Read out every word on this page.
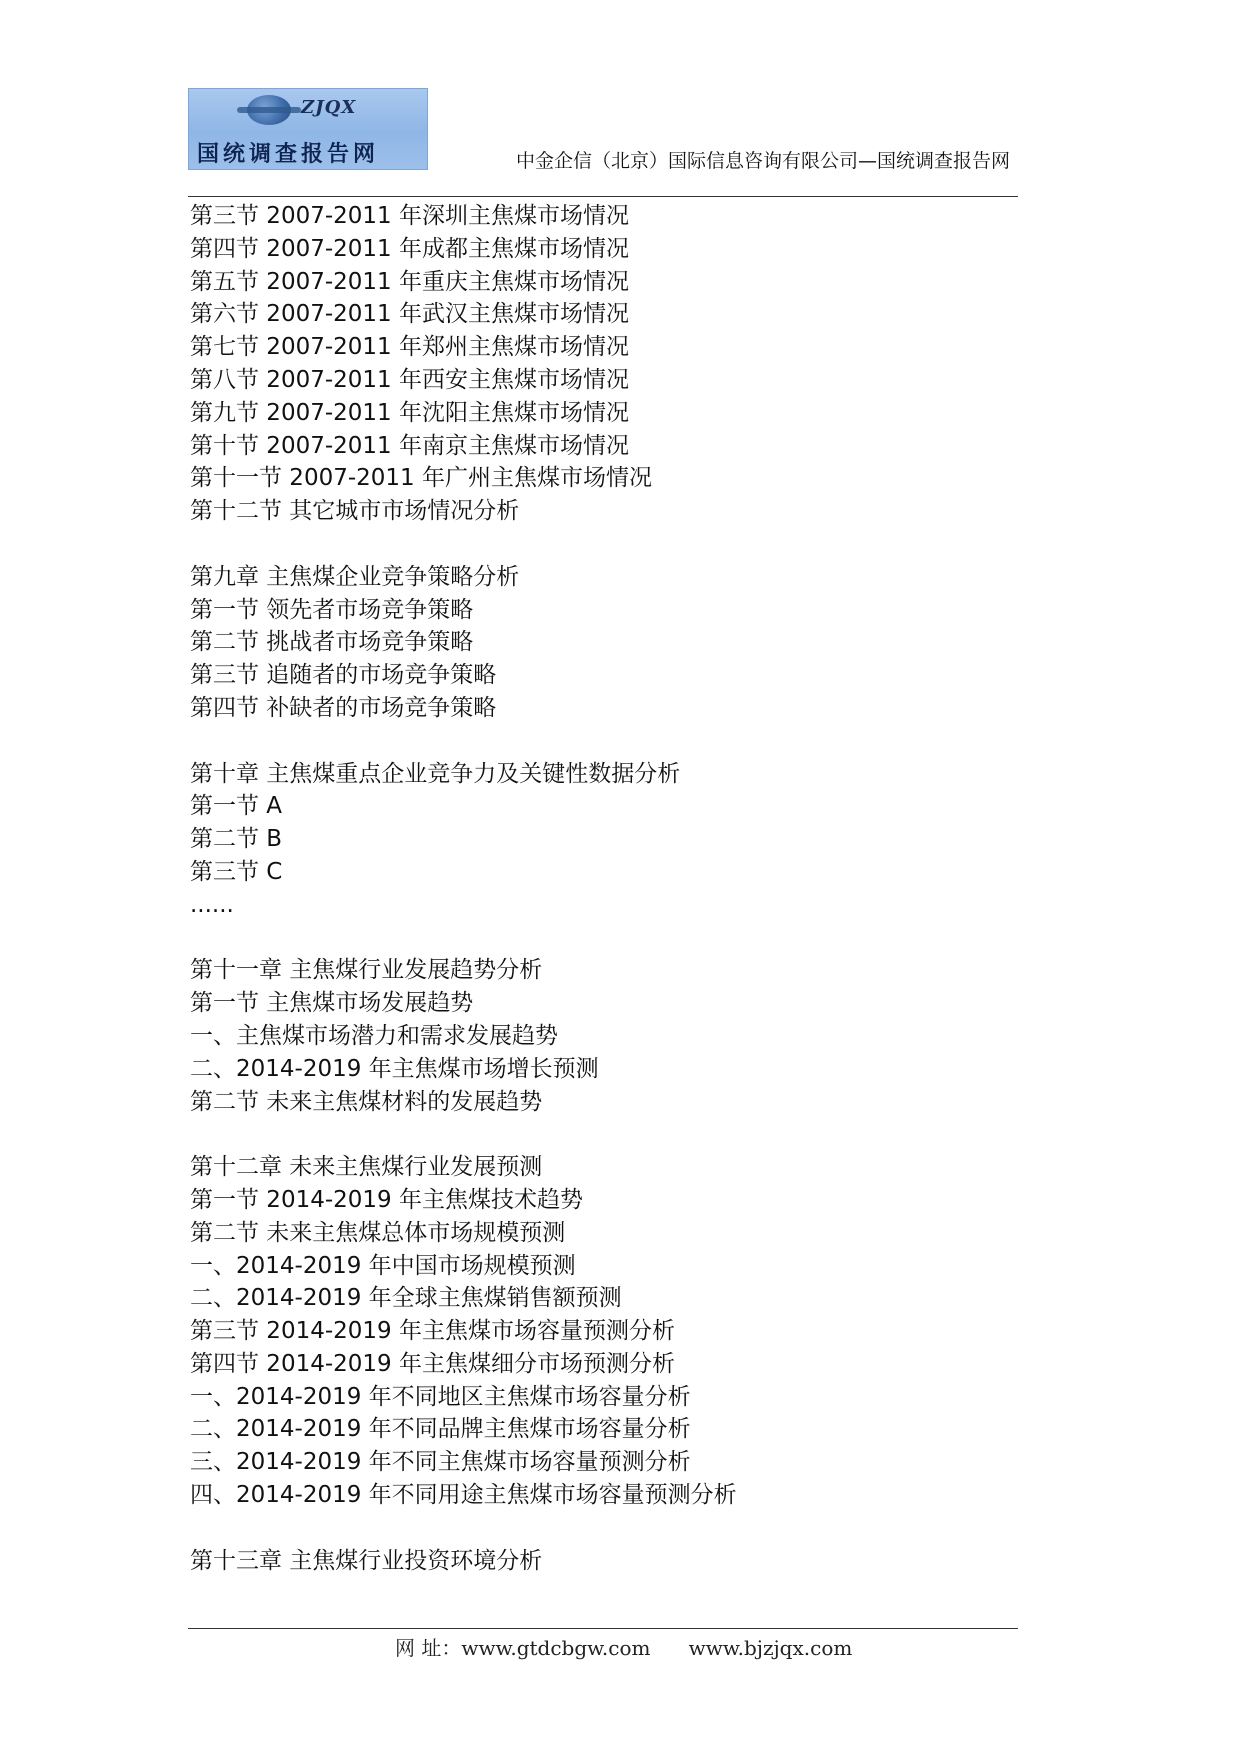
ZJQX
国统调查报告网	中金企信（北京）国际信息咨询有限公司—国统调查报告网
第三节 2007-2011 年深圳主焦煤市场情况
第四节 2007-2011 年成都主焦煤市场情况
第五节 2007-2011 年重庆主焦煤市场情况
第六节 2007-2011 年武汉主焦煤市场情况
第七节 2007-2011 年郑州主焦煤市场情况
第八节 2007-2011 年西安主焦煤市场情况
第九节 2007-2011 年沈阳主焦煤市场情况
第十节 2007-2011 年南京主焦煤市场情况
第十一节 2007-2011 年广州主焦煤市场情况
第十二节 其它城市市场情况分析
第九章 主焦煤企业竞争策略分析
第一节 领先者市场竞争策略
第二节 挑战者市场竞争策略
第三节 追随者的市场竞争策略
第四节 补缺者的市场竞争策略
第十章 主焦煤重点企业竞争力及关键性数据分析
第一节 A
第二节 B
第三节 C
......
第十一章 主焦煤行业发展趋势分析
第一节 主焦煤市场发展趋势
一、主焦煤市场潜力和需求发展趋势
二、2014-2019 年主焦煤市场增长预测
第二节 未来主焦煤材料的发展趋势
第十二章 未来主焦煤行业发展预测
第一节 2014-2019 年主焦煤技术趋势
第二节 未来主焦煤总体市场规模预测
一、2014-2019 年中国市场规模预测
二、2014-2019 年全球主焦煤销售额预测
第三节 2014-2019 年主焦煤市场容量预测分析
第四节 2014-2019 年主焦煤细分市场预测分析
一、2014-2019 年不同地区主焦煤市场容量分析
二、2014-2019 年不同品牌主焦煤市场容量分析
三、2014-2019 年不同主焦煤市场容量预测分析
四、2014-2019 年不同用途主焦煤市场容量预测分析
第十三章 主焦煤行业投资环境分析
网 址：www.gtdcbgw.com      www.bjzjqx.com
